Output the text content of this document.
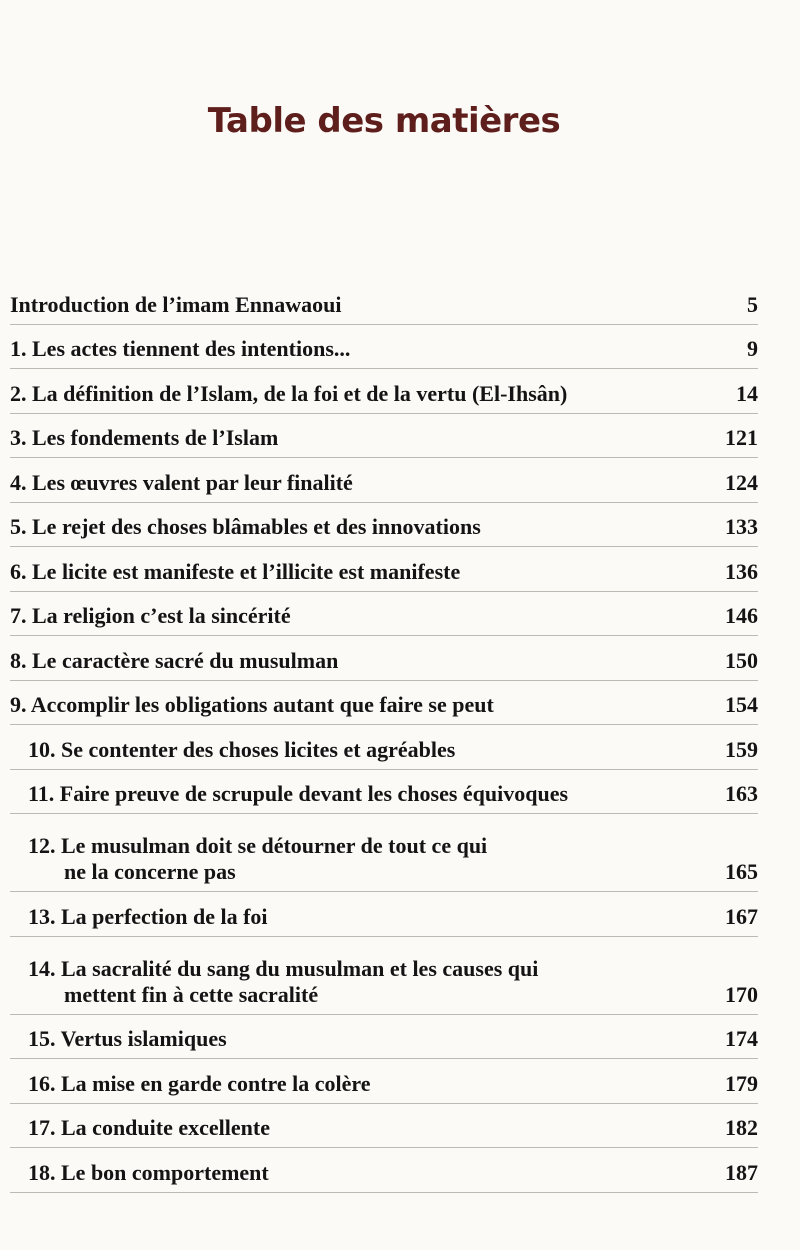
Table des matières
Introduction de l’imam Ennawaoui	5
1. Les actes tiennent des intentions...	9
2. La définition de l’Islam, de la foi et de la vertu (El-Ihsân)	14
3. Les fondements de l’Islam	121
4. Les œuvres valent par leur finalité	124
5. Le rejet des choses blâmables et des innovations	133
6. Le licite est manifeste et l’illicite est manifeste	136
7. La religion c’est la sincérité	146
8. Le caractère sacré du musulman	150
9. Accomplir les obligations autant que faire se peut	154
10. Se contenter des choses licites et agréables	159
11. Faire preuve de scrupule devant les choses équivoques	163
12. Le musulman doit se détourner de tout ce qui
ne la concerne pas	165
13. La perfection de la foi	167
14. La sacralité du sang du musulman et les causes qui
mettent fin à cette sacralité	170
15. Vertus islamiques	174
16. La mise en garde contre la colère	179
17. La conduite excellente	182
18. Le bon comportement	187
